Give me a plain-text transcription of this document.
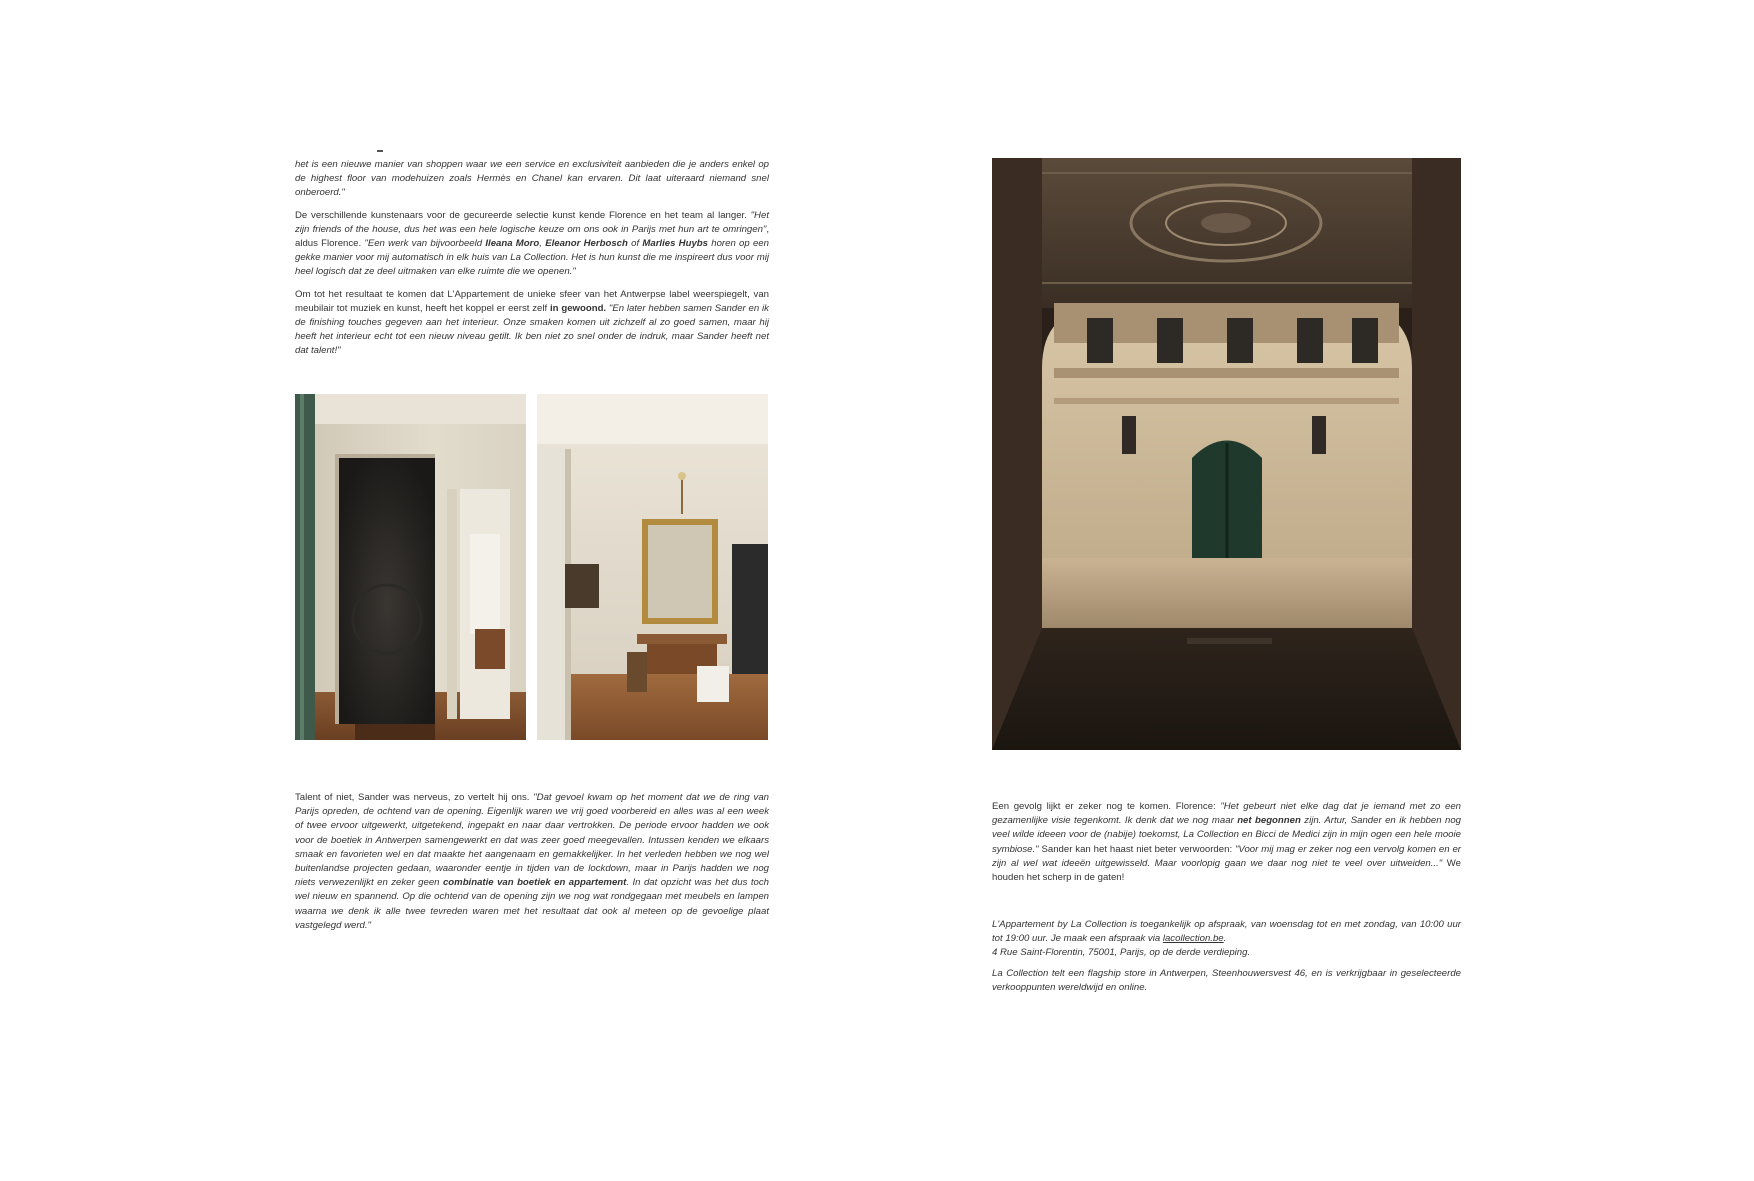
het is een nieuwe manier van shoppen waar we een service en exclusiviteit aanbieden die je anders enkel op de highest floor van modehuizen zoals Hermès en Chanel kan ervaren. Dit laat uiteraard niemand snel onberoerd."

De verschillende kunstenaars voor de gecureerde selectie kunst kende Florence en het team al langer. "Het zijn friends of the house, dus het was een hele logische keuze om ons ook in Parijs met hun art te omringen", aldus Florence. "Een werk van bijvoorbeeld Ileana Moro, Eleanor Herbosch of Marlies Huybs horen op een gekke manier voor mij automatisch in elk huis van La Collection. Het is hun kunst die me inspireert dus voor mij heel logisch dat ze deel uitmaken van elke ruimte die we openen."

Om tot het resultaat te komen dat L'Appartement de unieke sfeer van het Antwerpse label weerspiegelt, van meubilair tot muziek en kunst, heeft het koppel er eerst zelf in gewoond. "En later hebben samen Sander en ik de finishing touches gegeven aan het interieur. Onze smaken komen uit zichzelf al zo goed samen, maar hij heeft het interieur echt tot een nieuw niveau getilt. Ik ben niet zo snel onder de indruk, maar Sander heeft net dat talent!"

Talent of niet, Sander was nerveus, zo vertelt hij ons. "Dat gevoel kwam op het moment dat we de ring van Parijs opreden, de ochtend van de opening. Eigenlijk waren we vrij goed voorbereid en alles was al een week of twee ervoor uitgewerkt, uitgetekend, ingepakt en naar daar vertrokken. De periode ervoor hadden we ook voor de boetiek in Antwerpen samengewerkt en dat was zeer goed meegevallen. Intussen kenden we elkaars smaak en favorieten wel en dat maakte het aangenaam en gemakkelijker. In het verleden hebben we nog wel buitenlandse projecten gedaan, waaronder eentje in tijden van de lockdown, maar in Parijs hadden we nog niets verwezenlijkt en zeker geen combinatie van boetiek en appartement. In dat opzicht was het dus toch wel nieuw en spannend. Op die ochtend van de opening zijn we nog wat rondgegaan met meubels en lampen waarna we denk ik alle twee tevreden waren met het resultaat dat ook al meteen op de gevoelige plaat vastgelegd werd."

Een gevolg lijkt er zeker nog te komen. Florence: "Het gebeurt niet elke dag dat je iemand met zo een gezamenlijke visie tegenkomt. Ik denk dat we nog maar net begonnen zijn. Artur, Sander en ik hebben nog veel wilde ideeen voor de (nabije) toekomst, La Collection en Bicci de Medici zijn in mijn ogen een hele mooie symbiose." Sander kan het haast niet beter verwoorden: "Voor mij mag er zeker nog een vervolg komen en er zijn al wel wat ideeën uitgewisseld. Maar voorlopig gaan we daar nog niet te veel over uitweiden..." We houden het scherp in de gaten!

L'Appartement by La Collection is toegankelijk op afspraak, van woensdag tot en met zondag, van 10:00 uur tot 19:00 uur. Je maak een afspraak via lacollection.be.
4 Rue Saint-Florentin, 75001, Parijs, op de derde verdieping.

La Collection telt een flagship store in Antwerpen, Steenhouwersvest 46, en is verkrijgbaar in geselecteerde verkooppunten wereldwijd en online.
